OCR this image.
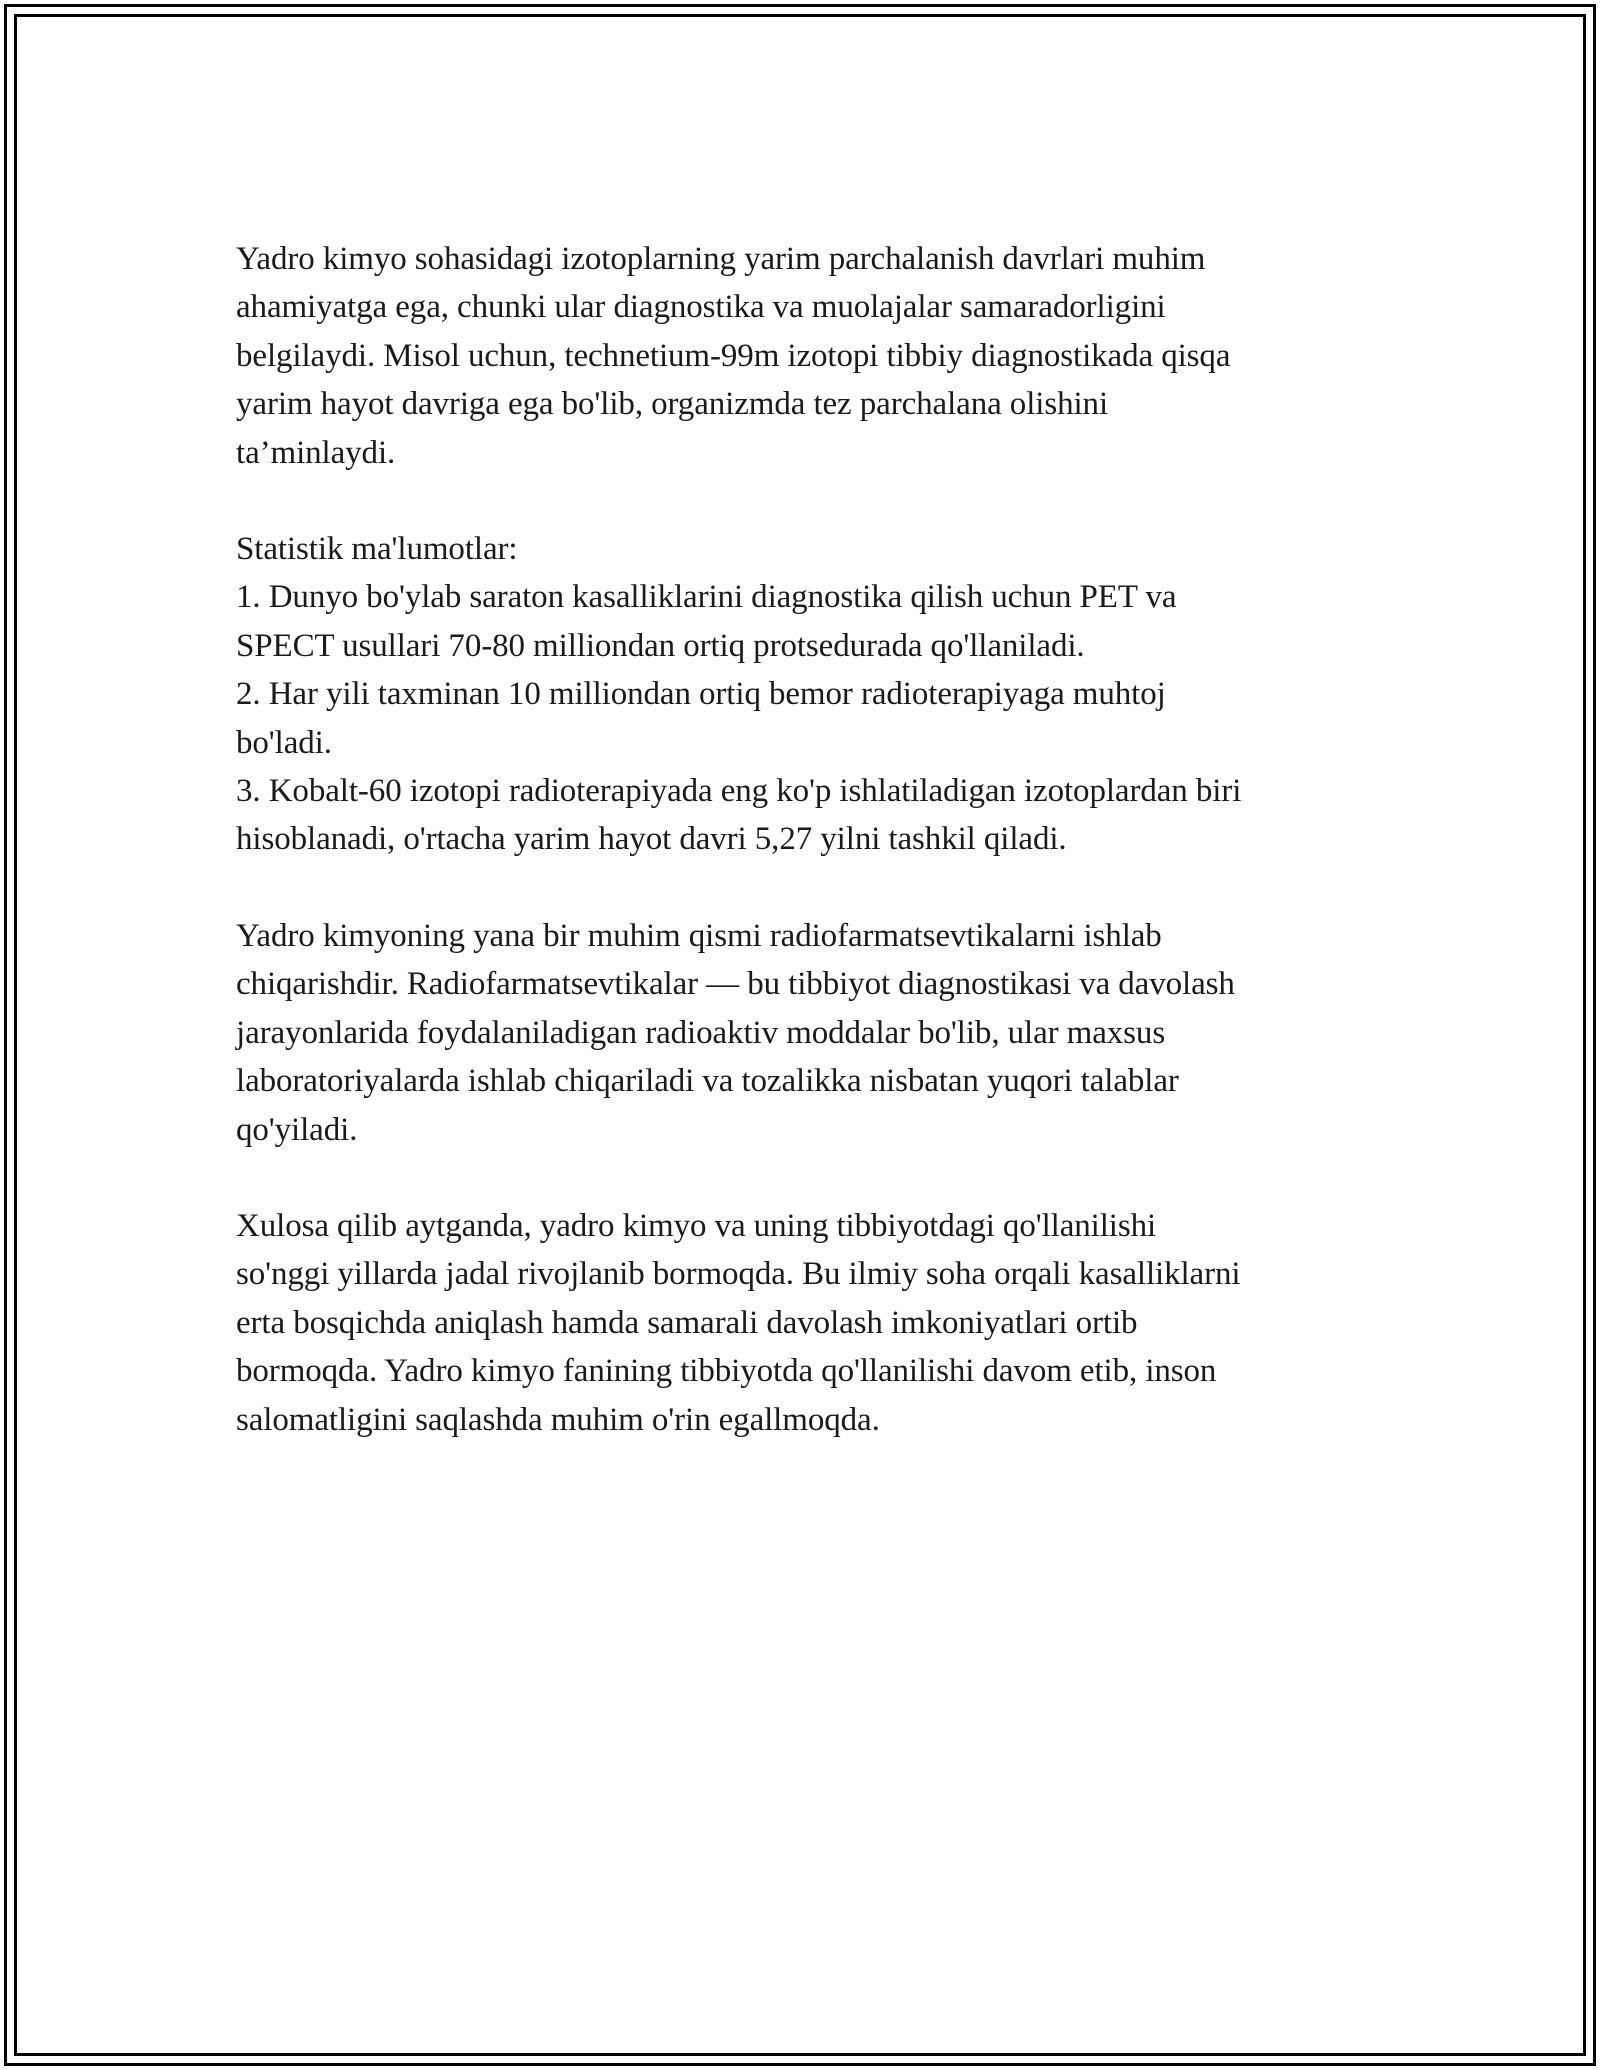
Yadro kimyo sohasidagi izotoplarning yarim parchalanish davrlari muhim
ahamiyatga ega, chunki ular diagnostika va muolajalar samaradorligini
belgilaydi. Misol uchun, technetium-99m izotopi tibbiy diagnostikada qisqa
yarim hayot davriga ega bo'lib, organizmda tez parchalana olishini
ta’minlaydi.

Statistik ma'lumotlar:
1. Dunyo bo'ylab saraton kasalliklarini diagnostika qilish uchun PET va
SPECT usullari 70-80 milliondan ortiq protsedurada qo'llaniladi.
2. Har yili taxminan 10 milliondan ortiq bemor radioterapiyaga muhtoj
bo'ladi.
3. Kobalt-60 izotopi radioterapiyada eng ko'p ishlatiladigan izotoplardan biri
hisoblanadi, o'rtacha yarim hayot davri 5,27 yilni tashkil qiladi.

Yadro kimyoning yana bir muhim qismi radiofarmatsevtikalarni ishlab
chiqarishdir. Radiofarmatsevtikalar — bu tibbiyot diagnostikasi va davolash
jarayonlarida foydalaniladigan radioaktiv moddalar bo'lib, ular maxsus
laboratoriyalarda ishlab chiqariladi va tozalikka nisbatan yuqori talablar
qo'yiladi.

Xulosa qilib aytganda, yadro kimyo va uning tibbiyotdagi qo'llanilishi
so'nggi yillarda jadal rivojlanib bormoqda. Bu ilmiy soha orqali kasalliklarni
erta bosqichda aniqlash hamda samarali davolash imkoniyatlari ortib
bormoqda. Yadro kimyo fanining tibbiyotda qo'llanilishi davom etib, inson
salomatligini saqlashda muhim o'rin egallmoqda.
